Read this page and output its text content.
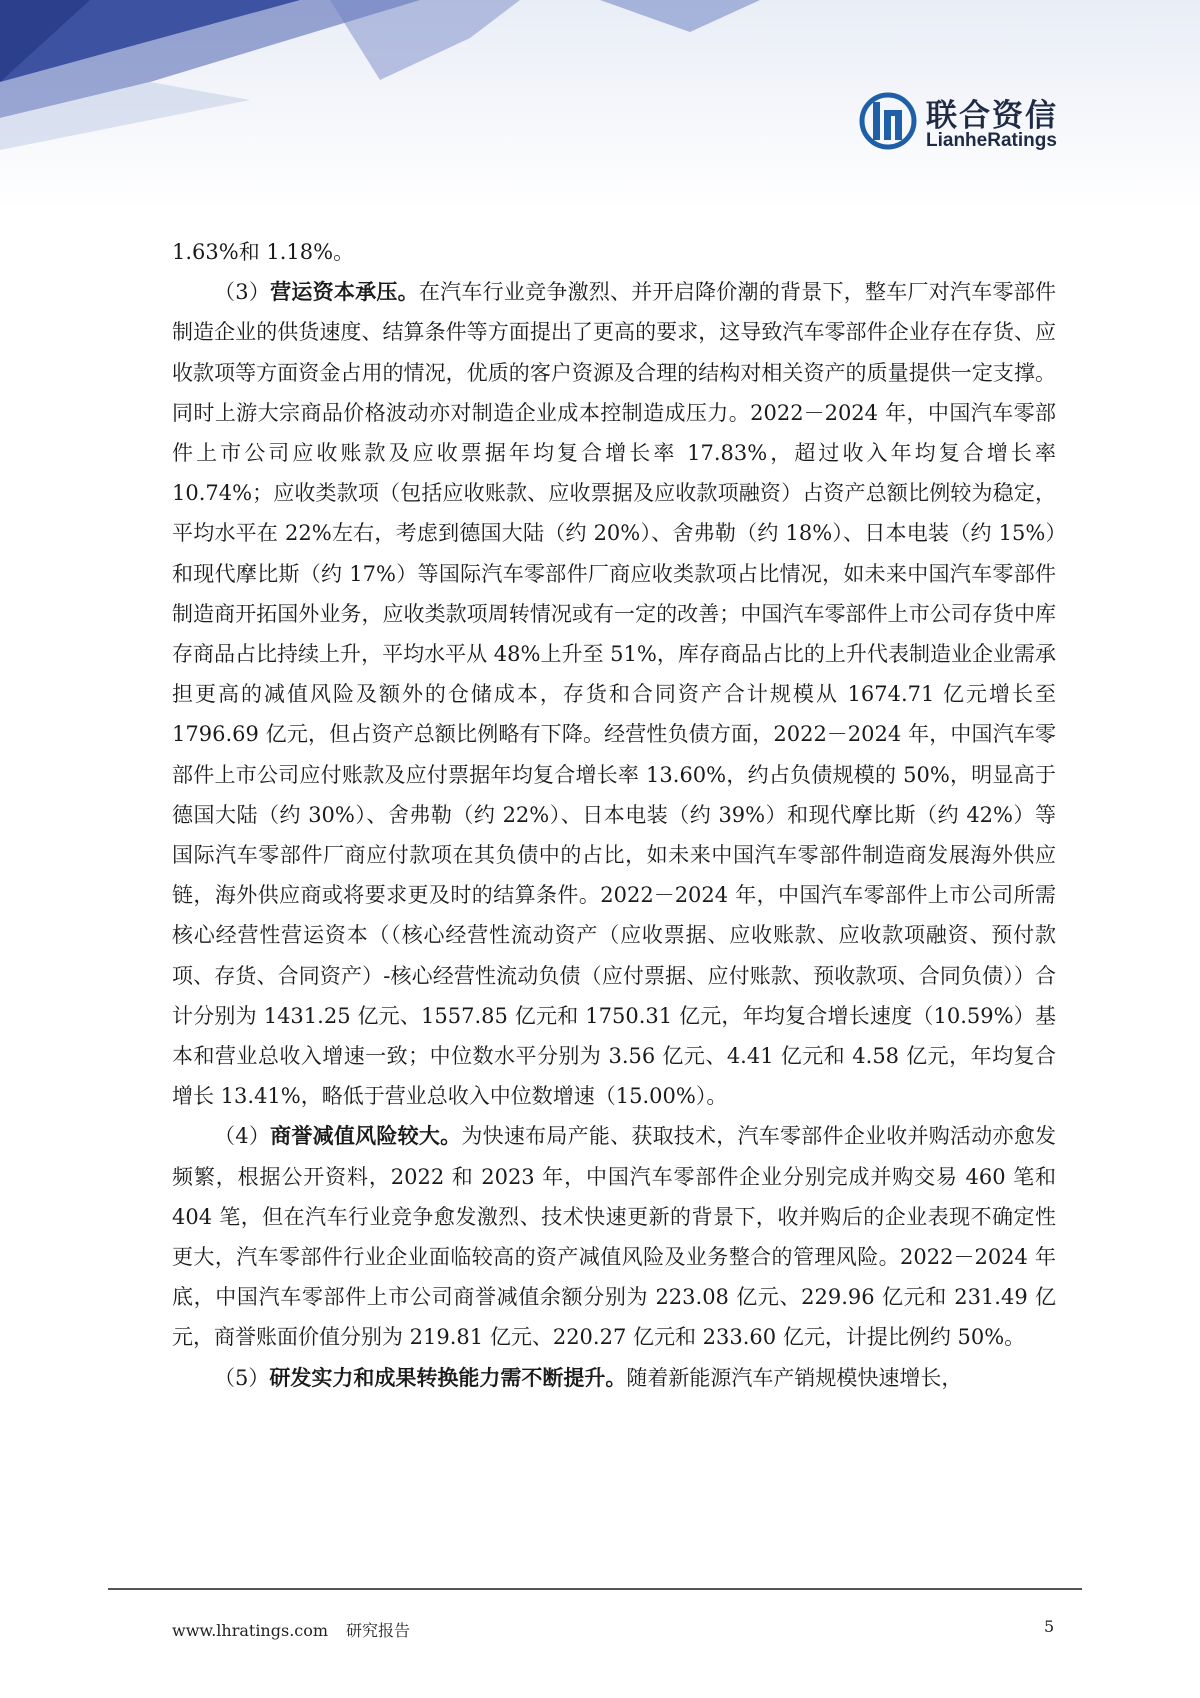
联合资信
LianheRatings

1.63%和 1.18%。

（3）营运资本承压。在汽车行业竞争激烈、并开启降价潮的背景下，整车厂对汽车零部件制造企业的供货速度、结算条件等方面提出了更高的要求，这导致汽车零部件企业存在存货、应收款项等方面资金占用的情况，优质的客户资源及合理的结构对相关资产的质量提供一定支撑。同时上游大宗商品价格波动亦对制造企业成本控制造成压力。2022－2024 年，中国汽车零部件上市公司应收账款及应收票据年均复合增长率 17.83%，超过收入年均复合增长率 10.74%；应收类款项（包括应收账款、应收票据及应收款项融资）占资产总额比例较为稳定，平均水平在 22%左右，考虑到德国大陆（约 20%）、舍弗勒（约 18%）、日本电装（约 15%）和现代摩比斯（约 17%）等国际汽车零部件厂商应收类款项占比情况，如未来中国汽车零部件制造商开拓国外业务，应收类款项周转情况或有一定的改善；中国汽车零部件上市公司存货中库存商品占比持续上升，平均水平从 48%上升至 51%，库存商品占比的上升代表制造业企业需承担更高的减值风险及额外的仓储成本，存货和合同资产合计规模从 1674.71 亿元增长至 1796.69 亿元，但占资产总额比例略有下降。经营性负债方面，2022－2024 年，中国汽车零部件上市公司应付账款及应付票据年均复合增长率 13.60%，约占负债规模的 50%，明显高于德国大陆（约 30%）、舍弗勒（约 22%）、日本电装（约 39%）和现代摩比斯（约 42%）等国际汽车零部件厂商应付款项在其负债中的占比，如未来中国汽车零部件制造商发展海外供应链，海外供应商或将要求更及时的结算条件。2022－2024 年，中国汽车零部件上市公司所需核心经营性营运资本（（核心经营性流动资产（应收票据、应收账款、应收款项融资、预付款项、存货、合同资产）-核心经营性流动负债（应付票据、应付账款、预收款项、合同负债））合计分别为 1431.25 亿元、1557.85 亿元和 1750.31 亿元，年均复合增长速度（10.59%）基本和营业总收入增速一致；中位数水平分别为 3.56 亿元、4.41 亿元和 4.58 亿元，年均复合增长 13.41%，略低于营业总收入中位数增速（15.00%）。

（4）商誉减值风险较大。为快速布局产能、获取技术，汽车零部件企业收并购活动亦愈发频繁，根据公开资料，2022 和 2023 年，中国汽车零部件企业分别完成并购交易 460 笔和 404 笔，但在汽车行业竞争愈发激烈、技术快速更新的背景下，收并购后的企业表现不确定性更大，汽车零部件行业企业面临较高的资产减值风险及业务整合的管理风险。2022－2024 年底，中国汽车零部件上市公司商誉减值余额分别为 223.08 亿元、229.96 亿元和 231.49 亿元，商誉账面价值分别为 219.81 亿元、220.27 亿元和 233.60 亿元，计提比例约 50%。

（5）研发实力和成果转换能力需不断提升。随着新能源汽车产销规模快速增长，

www.lhratings.com 研究报告	5
